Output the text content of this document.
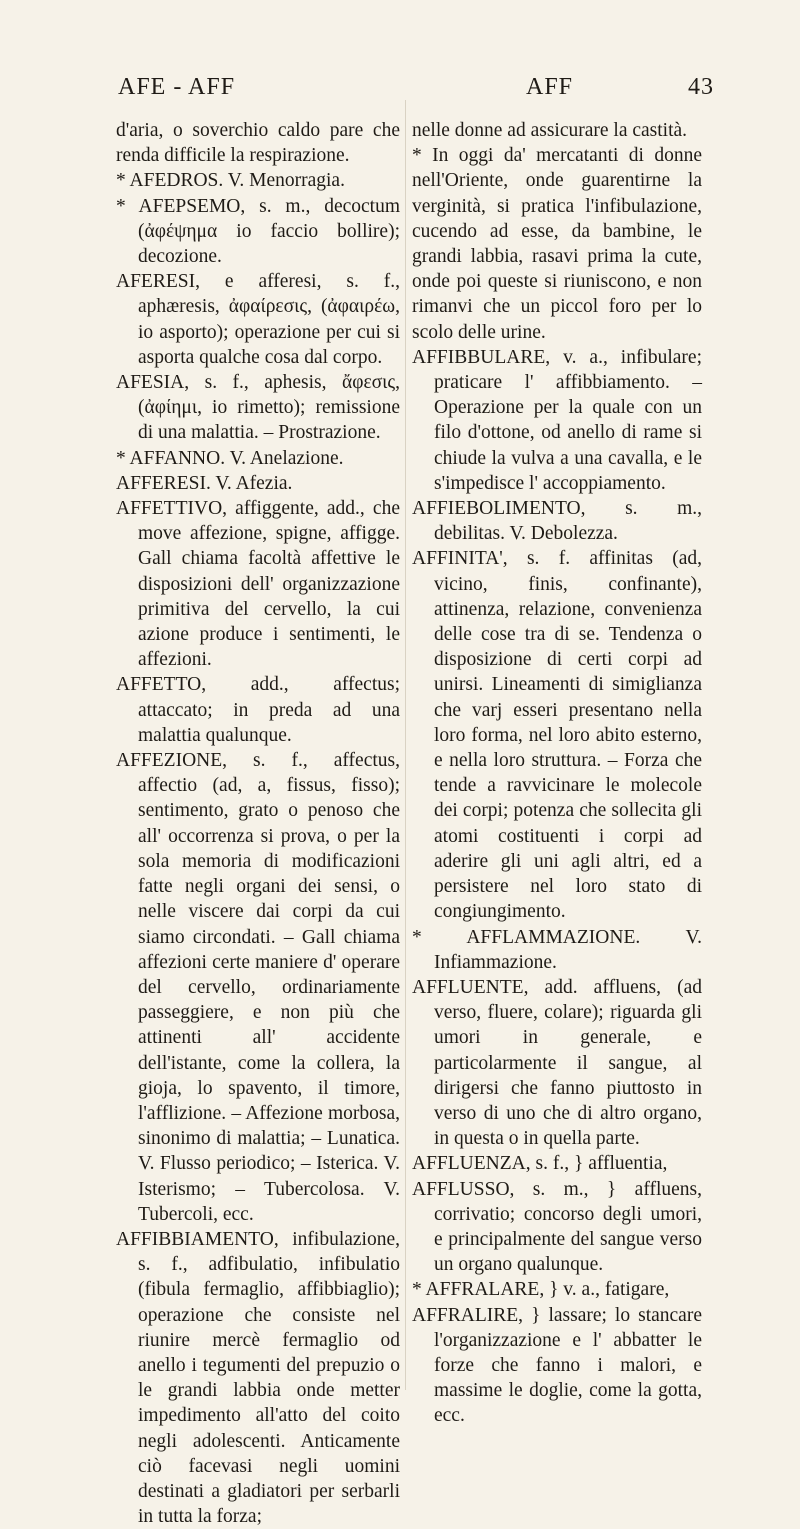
AFE - AFF	AFF	43

d'aria, o soverchio caldo pare che renda difficile la respirazione.

* AFEDROS. V. Menorragia.

* AFEPSEMO, s. m., decoctum (ἀφέψημα io faccio bollire); decozione.

AFERESI, e afferesi, s. f., aphæresis, ἀφαίρεσις, (ἀφαιρέω, io asporto); operazione per cui si asporta qualche cosa dal corpo.

AFESIA, s. f., aphesis, ἄφεσις, (ἀφίημι, io rimetto); remissione di una malattia. – Prostrazione.

* AFFANNO. V. Anelazione.

AFFERESI. V. Afezia.

AFFETTIVO, affiggente, add., che move affezione, spigne, affigge. Gall chiama facoltà affettive le disposizioni dell' organizzazione primitiva del cervello, la cui azione produce i sentimenti, le affezioni.

AFFETTO, add., affectus; attaccato; in preda ad una malattia qualunque.

AFFEZIONE, s. f., affectus, affectio (ad, a, fissus, fisso); sentimento, grato o penoso che all' occorrenza si prova, o per la sola memoria di modificazioni fatte negli organi dei sensi, o nelle viscere dai corpi da cui siamo circondati. – Gall chiama affezioni certe maniere d' operare del cervello, ordinariamente passeggiere, e non più che attinenti all' accidente dell'istante, come la collera, la gioja, lo spavento, il timore, l'afflizione. – Affezione morbosa, sinonimo di malattia; – Lunatica. V. Flusso periodico; – Isterica. V. Isterismo; – Tubercolosa. V. Tubercoli, ecc.

AFFIBBIAMENTO, infibulazione, s. f., adfibulatio, infibulatio (fibula fermaglio, affibbiaglio); operazione che consiste nel riunire mercè fermaglio od anello i tegumenti del prepuzio o le grandi labbia onde metter impedimento all'atto del coito negli adolescenti. Anticamente ciò facevasi negli uomini destinati a gladiatori per serbarli in tutta la forza;

nelle donne ad assicurare la castità.

* In oggi da' mercatanti di donne nell'Oriente, onde guarentirne la verginità, si pratica l'infibulazione, cucendo ad esse, da bambine, le grandi labbia, rasavi prima la cute, onde poi queste si riuniscono, e non rimanvi che un piccol foro per lo scolo delle urine.

AFFIBBULARE, v. a., infibulare; praticare l' affibbiamento. – Operazione per la quale con un filo d'ottone, od anello di rame si chiude la vulva a una cavalla, e le s'impedisce l' accoppiamento.

AFFIEBOLIMENTO, s. m., debilitas. V. Debolezza.

AFFINITA', s. f. affinitas (ad, vicino, finis, confinante), attinenza, relazione, convenienza delle cose tra di se. Tendenza o disposizione di certi corpi ad unirsi. Lineamenti di simiglianza che varj esseri presentano nella loro forma, nel loro abito esterno, e nella loro struttura. – Forza che tende a ravvicinare le molecole dei corpi; potenza che sollecita gli atomi costituenti i corpi ad aderire gli uni agli altri, ed a persistere nel loro stato di congiungimento.

* AFFLAMMAZIONE. V. Infiammazione.

AFFLUENTE, add. affluens, (ad verso, fluere, colare); riguarda gli umori in generale, e particolarmente il sangue, al dirigersi che fanno piuttosto in verso di uno che di altro organo, in questa o in quella parte.

AFFLUENZA, s. f., } affluentia,

AFFLUSSO, s. m., } affluens, corrivatio; concorso degli umori, e principalmente del sangue verso un organo qualunque.

* AFFRALARE, } v. a., fatigare,

AFFRALIRE, } lassare; lo stancare l'organizzazione e l' abbatter le forze che fanno i malori, e massime le doglie, come la gotta, ecc.
